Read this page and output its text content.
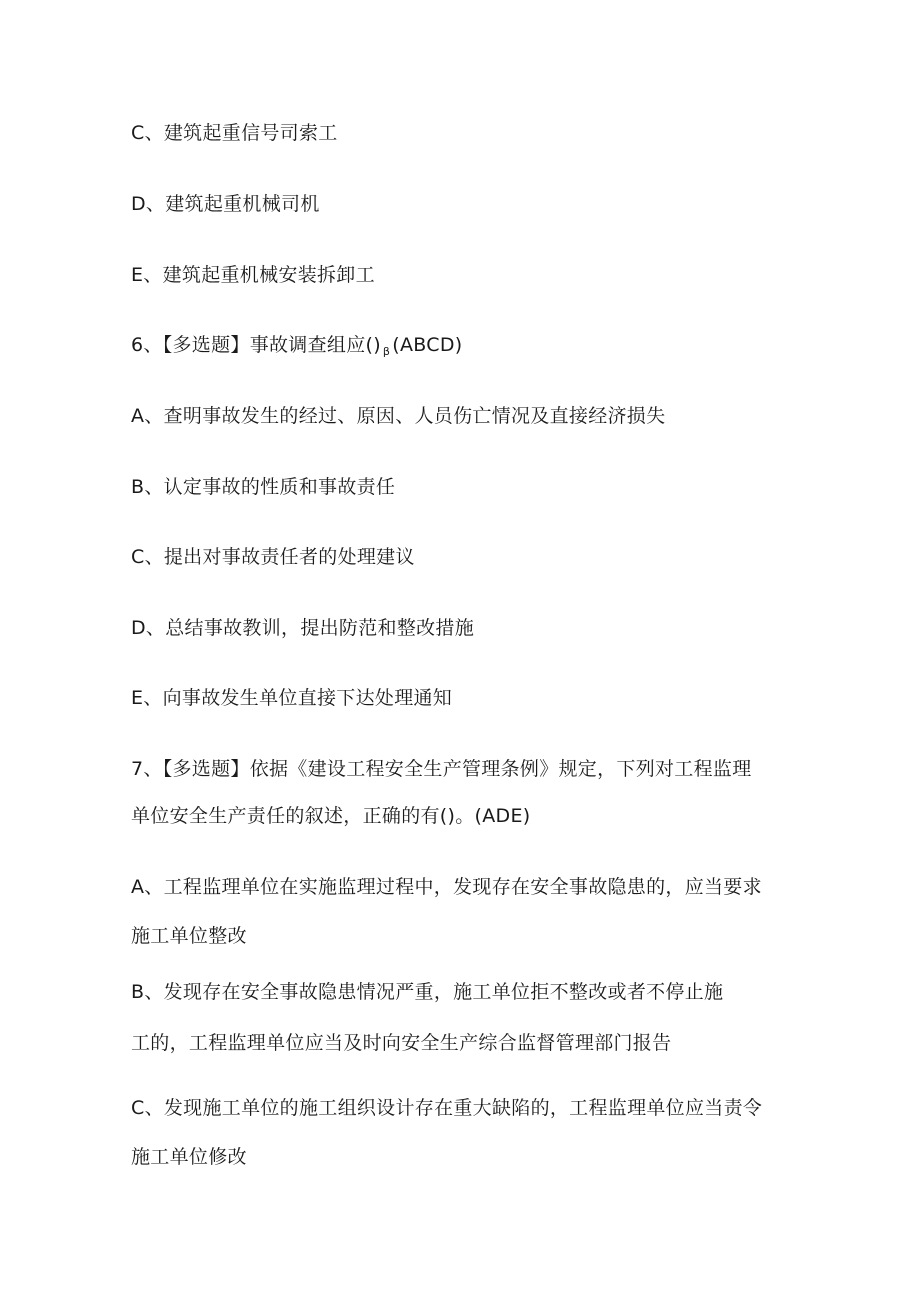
C、建筑起重信号司索工
D、建筑起重机械司机
E、建筑起重机械安装拆卸工
6、【多选题】事故调查组应() $_\beta$ (ABCD)
A、查明事故发生的经过、原因、人员伤亡情况及直接经济损失
B、认定事故的性质和事故责任
C、提出对事故责任者的处理建议
D、总结事故教训，提出防范和整改措施
E、向事故发生单位直接下达处理通知
7、【多选题】依据《建设工程安全生产管理条例》规定，下列对工程监理
单位安全生产责任的叙述，正确的有()。(ADE)
A、工程监理单位在实施监理过程中，发现存在安全事故隐患的，应当要求
施工单位整改
B、发现存在安全事故隐患情况严重，施工单位拒不整改或者不停止施
工的，工程监理单位应当及时向安全生产综合监督管理部门报告
C、发现施工单位的施工组织设计存在重大缺陷的，工程监理单位应当责令
施工单位修改
